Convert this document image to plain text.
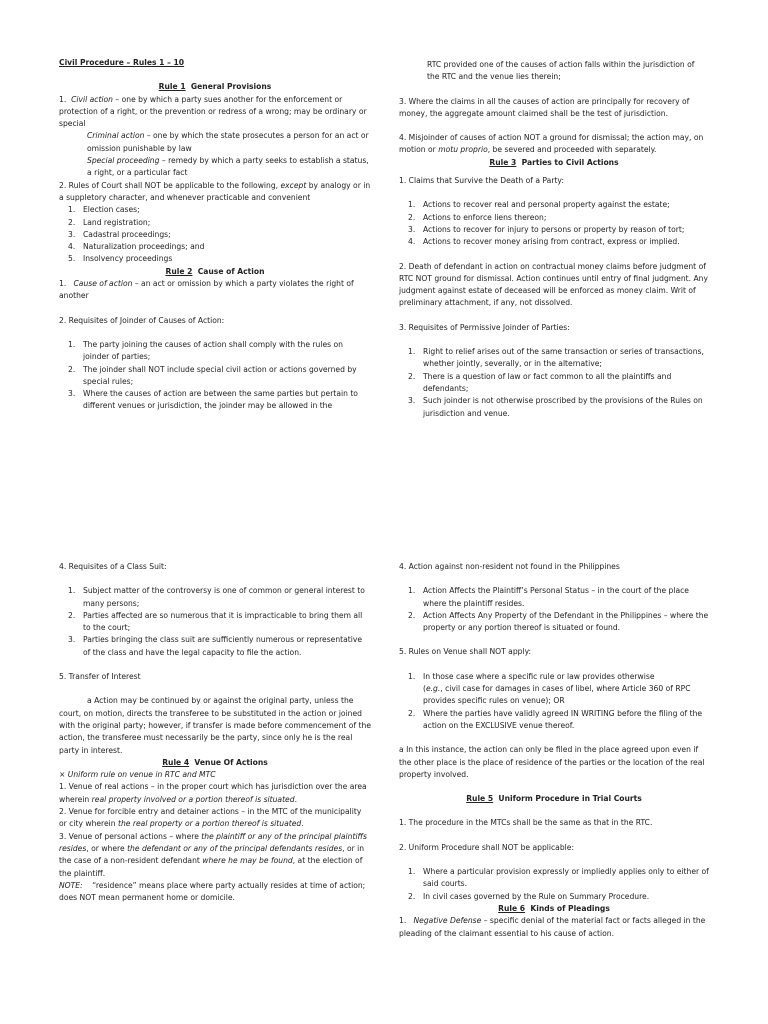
Civil Procedure – Rules 1 – 10

Rule 1 General Provisions

1. Civil action – one by which a party sues another for the enforcement or protection of a right, or the prevention or redress of a wrong; may be ordinary or special

Criminal action – one by which the state prosecutes a person for an act or omission punishable by law

Special proceeding – remedy by which a party seeks to establish a status, a right, or a particular fact

2. Rules of Court shall NOT be applicable to the following, except by analogy or in a suppletory character, and whenever practicable and convenient

1. Election cases;
2. Land registration;
3. Cadastral proceedings;
4. Naturalization proceedings; and
5. Insolvency proceedings

Rule 2 Cause of Action

1. Cause of action – an act or omission by which a party violates the right of another

2. Requisites of Joinder of Causes of Action:

1. The party joining the causes of action shall comply with the rules on joinder of parties;
2. The joinder shall NOT include special civil action or actions governed by special rules;
3. Where the causes of action are between the same parties but pertain to different venues or jurisdiction, the joinder may be allowed in the

RTC provided one of the causes of action falls within the jurisdiction of the RTC and the venue lies therein;

3. Where the claims in all the causes of action are principally for recovery of money, the aggregate amount claimed shall be the test of jurisdiction.

4. Misjoinder of causes of action NOT a ground for dismissal; the action may, on motion or motu proprio, be severed and proceeded with separately.

Rule 3 Parties to Civil Actions

1. Claims that Survive the Death of a Party:

1. Actions to recover real and personal property against the estate;
2. Actions to enforce liens thereon;
3. Actions to recover for injury to persons or property by reason of tort;
4. Actions to recover money arising from contract, express or implied.

2. Death of defendant in action on contractual money claims before judgment of RTC NOT ground for dismissal. Action continues until entry of final judgment. Any judgment against estate of deceased will be enforced as money claim. Writ of preliminary attachment, if any, not dissolved.

3. Requisites of Permissive Joinder of Parties:

1. Right to relief arises out of the same transaction or series of transactions, whether jointly, severally, or in the alternative;
2. There is a question of law or fact common to all the plaintiffs and defendants;
3. Such joinder is not otherwise proscribed by the provisions of the Rules on jurisdiction and venue.

4. Requisites of a Class Suit:

1. Subject matter of the controversy is one of common or general interest to many persons;
2. Parties affected are so numerous that it is impracticable to bring them all to the court;
3. Parties bringing the class suit are sufficiently numerous or representative of the class and have the legal capacity to file the action.

5. Transfer of Interest

a Action may be continued by or against the original party, unless the court, on motion, directs the transferee to be substituted in the action or joined with the original party; however, if transfer is made before commencement of the action, the transferee must necessarily be the party, since only he is the real party in interest.

Rule 4 Venue Of Actions

× Uniform rule on venue in RTC and MTC

1. Venue of real actions – in the proper court which has jurisdiction over the area wherein real property involved or a portion thereof is situated.

2. Venue for forcible entry and detainer actions – in the MTC of the municipality or city wherein the real property or a portion thereof is situated.

3. Venue of personal actions – where the plaintiff or any of the principal plaintiffs resides, or where the defendant or any of the principal defendants resides, or in the case of a non-resident defendant where he may be found, at the election of the plaintiff.

NOTE:    “residence” means place where party actually resides at time of action; does NOT mean permanent home or domicile.

4. Action against non-resident not found in the Philippines

1. Action Affects the Plaintiff’s Personal Status – in the court of the place where the plaintiff resides.
2. Action Affects Any Property of the Defendant in the Philippines – where the property or any portion thereof is situated or found.

5. Rules on Venue shall NOT apply:

1. In those case where a specific rule or law provides otherwise
(e.g., civil case for damages in cases of libel, where Article 360 of RPC provides specific rules on venue); OR
2. Where the parties have validly agreed IN WRITING before the filing of the action on the EXCLUSIVE venue thereof.

a In this instance, the action can only be filed in the place agreed upon even if the other place is the place of residence of the parties or the location of the real property involved.

Rule 5 Uniform Procedure in Trial Courts

1. The procedure in the MTCs shall be the same as that in the RTC.

2. Uniform Procedure shall NOT be applicable:

1. Where a particular provision expressly or impliedly applies only to either of said courts.
2. In civil cases governed by the Rule on Summary Procedure.

Rule 6 Kinds of Pleadings

1. Negative Defense – specific denial of the material fact or facts alleged in the pleading of the claimant essential to his cause of action.
